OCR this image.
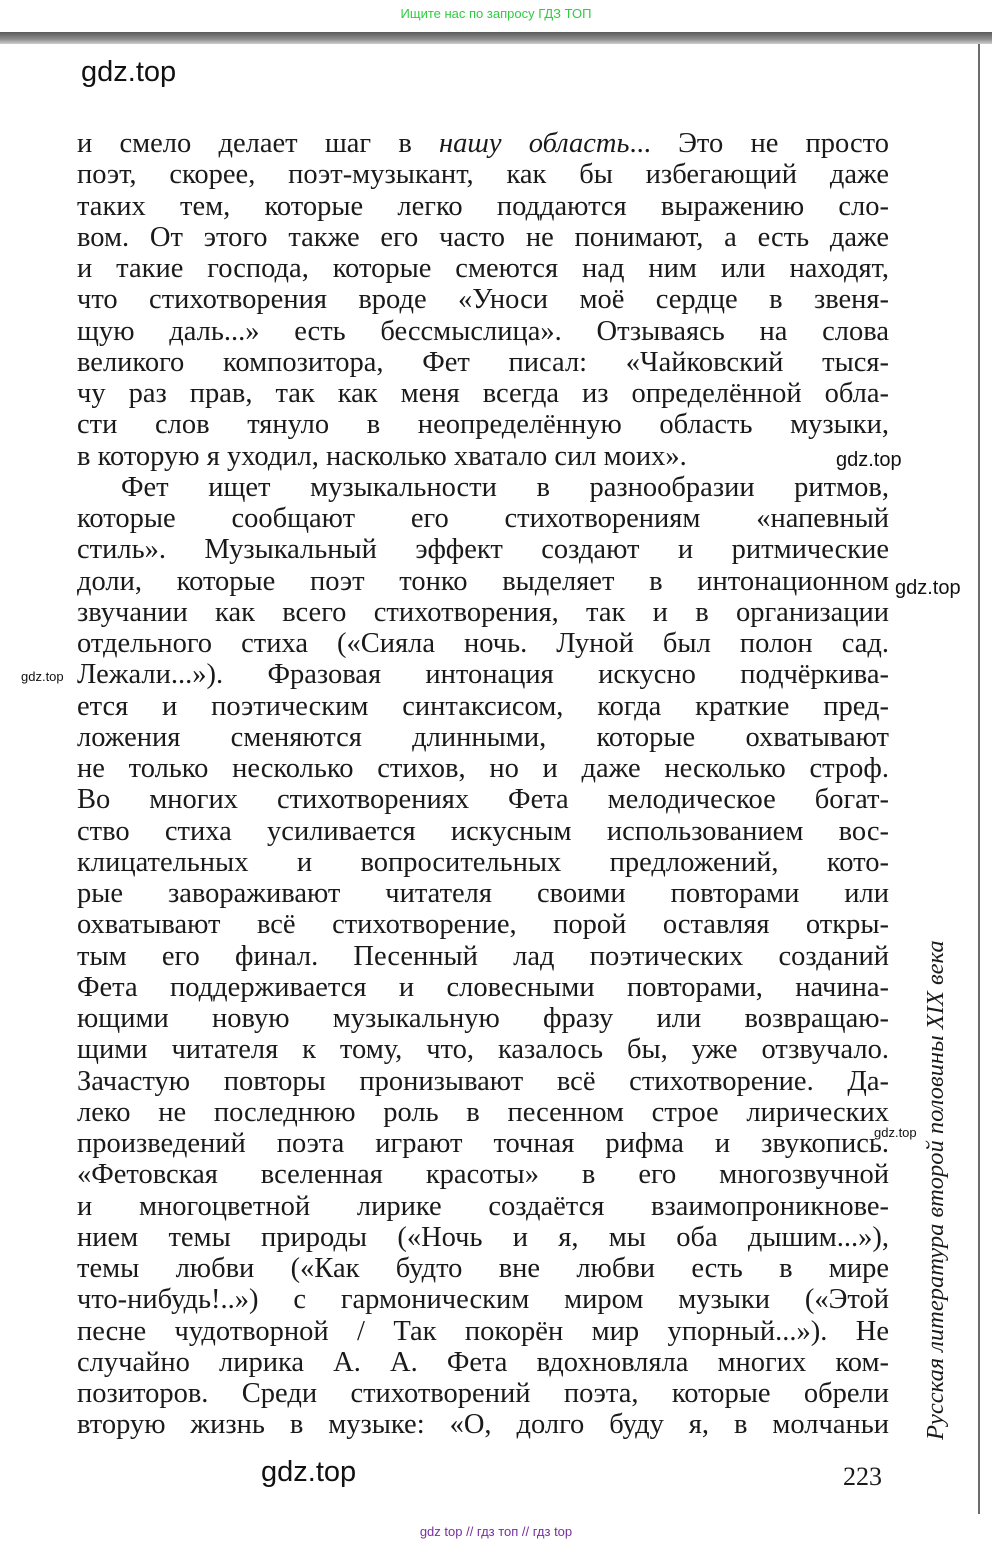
Ищите нас по запросу ГДЗ ТОП
gdz.top
и смело делает шаг в нашу область... Это не просто
поэт, скорее, поэт-музыкант, как бы избегающий даже
таких тем, которые легко поддаются выражению сло-
вом. От этого также его часто не понимают, а есть даже
и такие господа, которые смеются над ним или находят,
что стихотворения вроде «Уноси моё сердце в звеня-
щую даль...» есть бессмыслица». Отзываясь на слова
великого композитора, Фет писал: «Чайковский тыся-
чу раз прав, так как меня всегда из определённой обла-
сти слов тянуло в неопределённую область музыки,
в которую я уходил, насколько хватало сил моих».
Фет ищет музыкальности в разнообразии ритмов,
которые сообщают его стихотворениям «напевный
стиль». Музыкальный эффект создают и ритмические
доли, которые поэт тонко выделяет в интонационном
звучании как всего стихотворения, так и в организации
отдельного стиха («Сияла ночь. Луной был полон сад.
Лежали...»). Фразовая интонация искусно подчёркива-
ется и поэтическим синтаксисом, когда краткие пред-
ложения сменяются длинными, которые охватывают
не только несколько стихов, но и даже несколько строф.
Во многих стихотворениях Фета мелодическое богат-
ство стиха усиливается искусным использованием вос-
клицательных и вопросительных предложений, кото-
рые завораживают читателя своими повторами или
охватывают всё стихотворение, порой оставляя откры-
тым его финал. Песенный лад поэтических созданий
Фета поддерживается и словесными повторами, начина-
ющими новую музыкальную фразу или возвращаю-
щими читателя к тому, что, казалось бы, уже отзвучало.
Зачастую повторы пронизывают всё стихотворение. Да-
леко не последнюю роль в песенном строе лирических
произведений поэта играют точная рифма и звукопись.
«Фетовская вселенная красоты» в его многозвучной
и многоцветной лирике создаётся взаимопроникнове-
нием темы природы («Ночь и я, мы оба дышим...»),
темы любви («Как будто вне любви есть в мире
что-нибудь!..») с гармоническим миром музыки («Этой
песне чудотворной / Так покорён мир упорный...»). Не
случайно лирика А. А. Фета вдохновляла многих ком-
позиторов. Среди стихотворений поэта, которые обрели
вторую жизнь в музыке: «О, долго буду я, в молчаньи
gdz.top
gdz.top
gdz.top
gdz.top Русская литература второй половины XIX века
gdz.top	223
gdz top // гдз топ // гдз top
